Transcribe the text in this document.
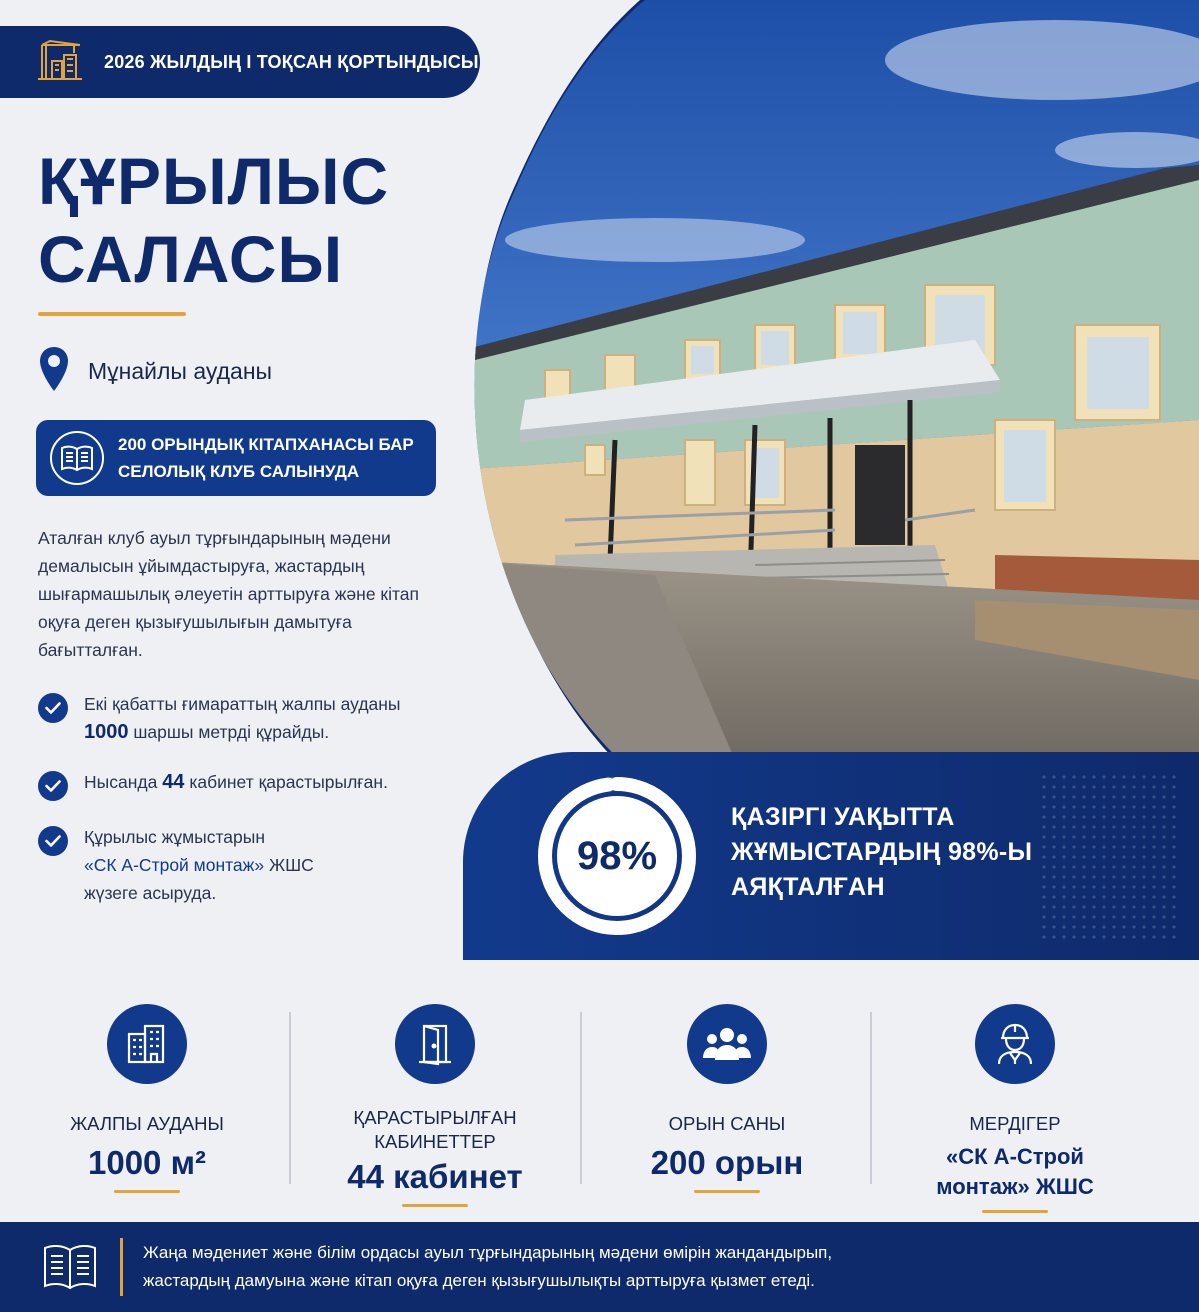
2026 ЖЫЛДЫҢ I ТОҚСАН ҚОРТЫНДЫСЫ
ҚҰРЫЛЫС
САЛАСЫ
Мұнайлы ауданы
200 ОРЫНДЫҚ КІТАПХАНАСЫ БАР
СЕЛОЛЫҚ КЛУБ САЛЫНУДА
Аталған клуб ауыл тұрғындарының мәдени демалысын ұйымдастыруға, жастардың шығармашылық әлеуетін арттыруға және кітап оқуға деген қызығушылығын дамытуға бағытталған.
Екі қабатты ғимараттың жалпы ауданы
1000 шаршы метрді құрайды.
Нысанда 44 кабинет қарастырылған.
Құрылыс жұмыстарын
«СК А-Строй монтаж» ЖШС
жүзеге асыруда.
98%
ҚАЗІРГІ УАҚЫТТА
ЖҰМЫСТАРДЫҢ 98%-Ы
АЯҚТАЛҒАН
ЖАЛПЫ АУДАНЫ
1000 м²
ҚАРАСТЫРЫЛҒАН
КАБИНЕТТЕР
44 кабинет
ОРЫН САНЫ
200 орын
МЕРДІГЕР
«СК А-Строй
монтаж» ЖШС
Жаңа мәдениет және білім ордасы ауыл тұрғындарының мәдени өмірін жандандырып,
жастардың дамуына және кітап оқуға деген қызығушылықты арттыруға қызмет етеді.
